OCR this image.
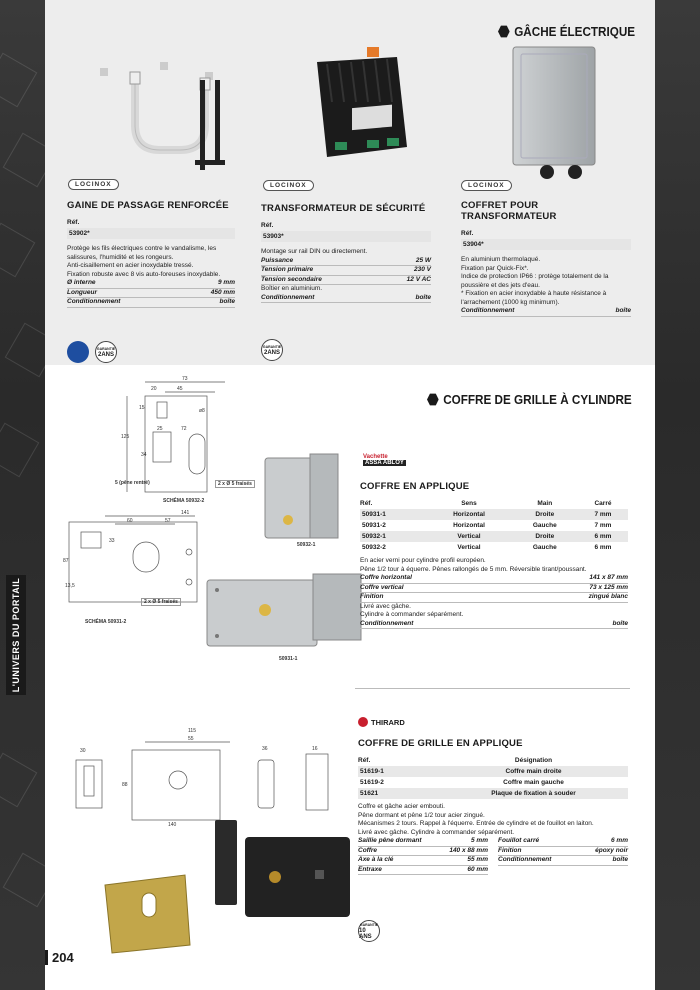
L'UNIVERS DU PORTAIL
GÂCHE ÉLECTRIQUE
LOCINOX	LOCINOX	LOCINOX
GAINE DE PASSAGE RENFORCÉE
Réf.
53902*
Protège les fils électriques contre le vandalisme, les
salissures, l'humidité et les rongeurs.
Anti-cisaillement en acier inoxydable tressé.
Fixation robuste avec 8 vis auto-foreuses inoxydable.
Ø interne	9 mm
Longueur	450 mm
Conditionnement	boîte
GARANTIE
2ANS
TRANSFORMATEUR DE SÉCURITÉ
Réf.
53903*
Montage sur rail DIN ou directement.
Puissance	25 W
Tension primaire	230 V
Tension secondaire	12 V AC
Boîtier en aluminium.
Conditionnement	boîte
GARANTIE
2ANS
COFFRET POUR TRANSFORMATEUR
Réf.
53904*
En aluminium thermolaqué.
Fixation par Quick-Fix*.
Indice de protection IP66 : protège totalement de la
poussière et des jets d'eau.
* Fixation en acier inoxydable à haute résistance à
l'arrachement (1000 kg minimum).
Conditionnement	boîte
COFFRE DE GRILLE À CYLINDRE
73
45
20
15
125
25	72
34
ø8
141
60	57
33
87
13,5
5 (pêne rentré)	2 x Ø 5 fraisés
SCHÉMA 50932-2
2 x Ø 5 fraisés
SCHÉMA 50931-2
50932-1
50931-1
Vachette
ASSA ABLOY
COFFRE EN APPLIQUE
Réf.	Sens	Main	Carré
50931-1	Horizontal	Droite	7 mm
50931-2	Horizontal	Gauche	7 mm
50932-1	Vertical	Droite	6 mm
50932-2	Vertical	Gauche	6 mm
En acier verni pour cylindre profil européen.
Pêne 1/2 tour à équerre. Pênes rallongés de 5 mm. Réversible tirant/poussant.
Coffre horizontal	141 x 87 mm
Coffre vertical	73 x 125 mm
Finition	zingué blanc
Livré avec gâche.
Cylindre à commander séparément.
Conditionnement	boîte
115
55
140
88
36
30	16
THIRARD
COFFRE DE GRILLE EN APPLIQUE
Réf.	Désignation
51619-1	Coffre main droite
51619-2	Coffre main gauche
51621	Plaque de fixation à souder
Coffre et gâche acier embouti.
Pêne dormant et pêne 1/2 tour acier zingué.
Mécanismes 2 tours. Rappel à l'équerre. Entrée de cylindre et de fouillot en laiton.
Livré avec gâche. Cylindre à commander séparément.
Saillie pêne dormant	5 mm
Coffre	140 x 88 mm
Axe à la clé	55 mm
Entraxe	60 mm
Fouillot carré	6 mm
Finition	époxy noir
Conditionnement	boîte
GARANTIE
10 ANS
204
